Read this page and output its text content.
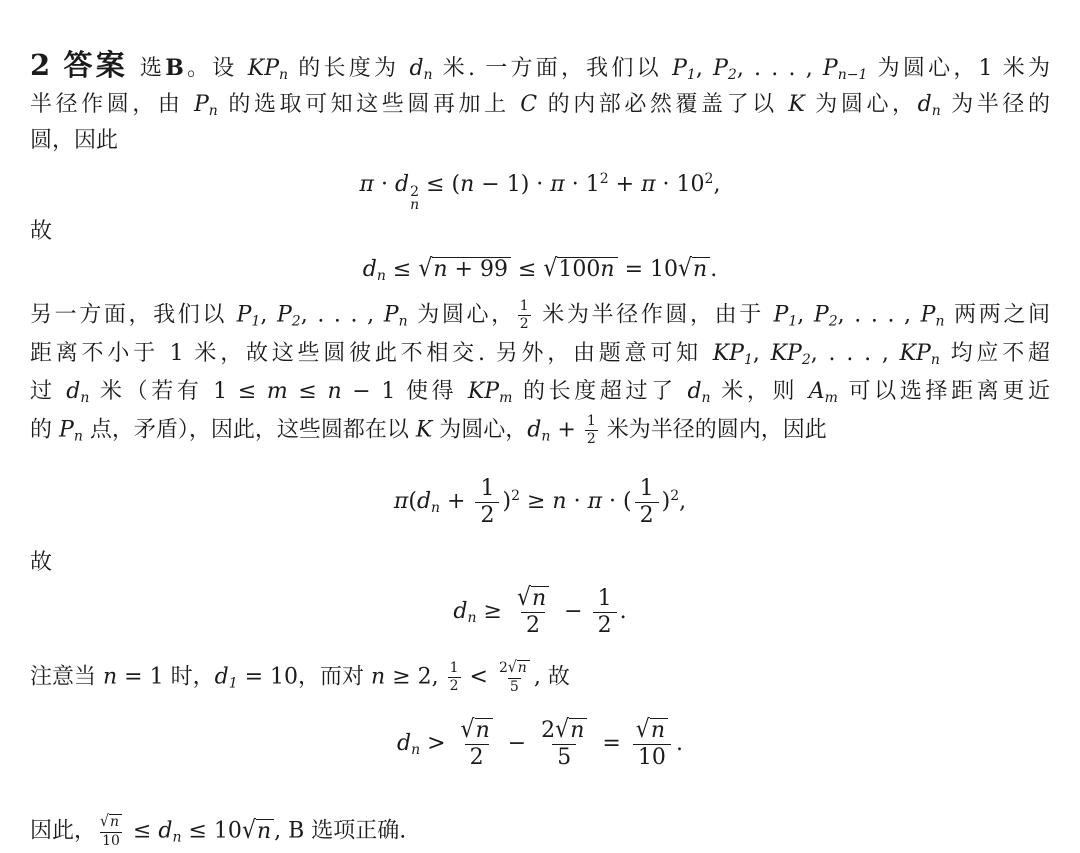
2 答案 选B。设 KPn 的长度为 dn 米. 一方面，我们以 P1, P2, . . . , Pn−1 为圆心，1 米为
半径作圆，由 Pn 的选取可知这些圆再加上 C 的内部必然覆盖了以 K 为圆心，dn 为半径的
圆，因此
π · d 2
n
≤ $(n - 1) \cdot \pi \cdot 1^2 + \pi \cdot 10^2$,
故
dn ≤ √n + 99 ≤ √100n = 10√n .
另一方面，我们以 P1, P2, . . . , Pn 为圆心， $\frac{1}{2}$ 米为半径作圆，由于 P1, P2, . . . , Pn 两两之间
距离不小于 1 米，故这些圆彼此不相交. 另外，由题意可知 KP1, KP2, . . . , KPn 均应不超
过 dn 米（若有 1 ≤ m ≤ n − 1 使得 KPm 的长度超过了 dn 米，则 Am 可以选择距离更近
的 Pn 点，矛盾），因此，这些圆都在以 K 为圆心，dn + $\frac{1}{2}$ 米为半径的圆内，因此
$\pi(dn + \frac{1}{2} )^2 \ge n \cdot \pi$ · ( $\frac{1}{2} )^2$,
故
dn ≥ $\frac{√n}{2} - \frac{1}{2}$ .
注意当 n = 1 时，d1 = 10，而对 n ≥ 2, $\frac{1}{2} < \frac{2√n}{5}$ , 故
dn > $\frac{√n}{2} - \frac{2√n}{5} = \frac{√n}{10}$ .
因此， $\frac{√n}{10}$ ≤ dn ≤ 10√n , B 选项正确.
